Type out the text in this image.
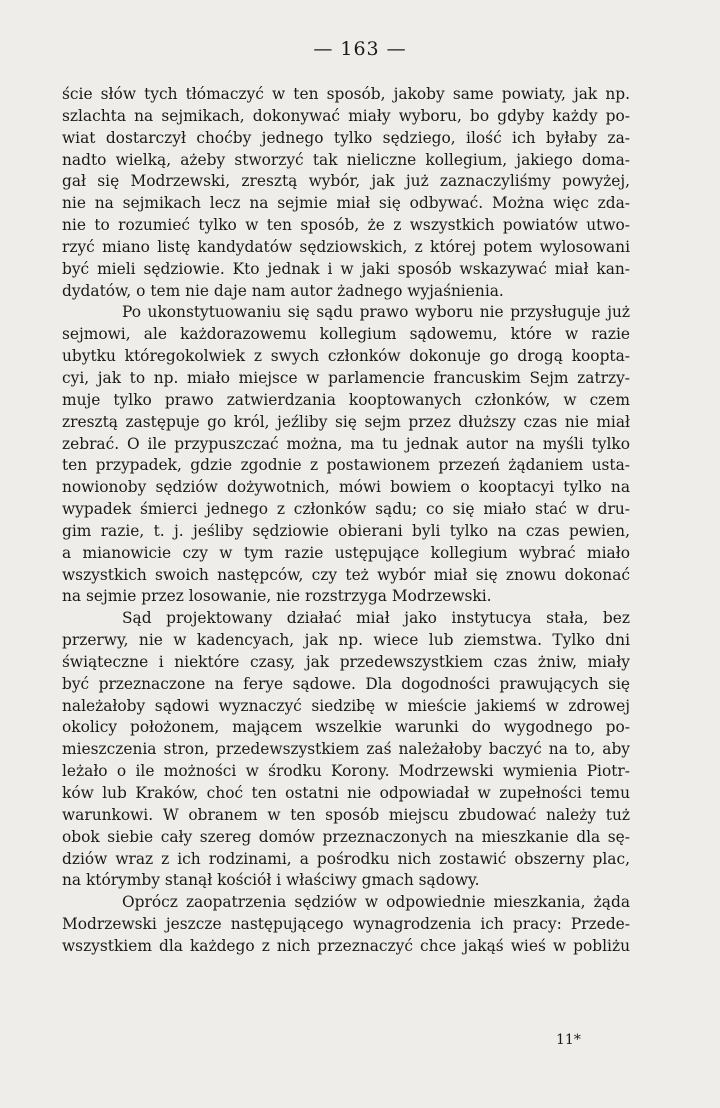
— 163 —
ście słów tych tłómaczyć w ten sposób, jakoby same powiaty, jak np.
szlachta na sejmikach, dokonywać miały wyboru, bo gdyby każdy po-
wiat dostarczył choćby jednego tylko sędziego, ilość ich byłaby za-
nadto wielką, ażeby stworzyć tak nieliczne kollegium, jakiego doma-
gał się Modrzewski, zresztą wybór, jak już zaznaczyliśmy powyżej,
nie na sejmikach lecz na sejmie miał się odbywać. Można więc zda-
nie to rozumieć tylko w ten sposób, że z wszystkich powiatów utwo-
rzyć miano listę kandydatów sędziowskich, z której potem wylosowani
być mieli sędziowie. Kto jednak i w jaki sposób wskazywać miał kan-
dydatów, o tem nie daje nam autor żadnego wyjaśnienia.
Po ukonstytuowaniu się sądu prawo wyboru nie przysługuje już
sejmowi, ale każdorazowemu kollegium sądowemu, które w razie
ubytku któregokolwiek z swych członków dokonuje go drogą koopta-
cyi, jak to np. miało miejsce w parlamencie francuskim Sejm zatrzy-
muje tylko prawo zatwierdzania kooptowanych członków, w czem
zresztą zastępuje go król, jeźliby się sejm przez dłuższy czas nie miał
zebrać. O ile przypuszczać można, ma tu jednak autor na myśli tylko
ten przypadek, gdzie zgodnie z postawionem przezeń żądaniem usta-
nowionoby sędziów dożywotnich, mówi bowiem o kooptacyi tylko na
wypadek śmierci jednego z członków sądu; co się miało stać w dru-
gim razie, t. j. jeśliby sędziowie obierani byli tylko na czas pewien,
a mianowicie czy w tym razie ustępujące kollegium wybrać miało
wszystkich swoich następców, czy też wybór miał się znowu dokonać
na sejmie przez losowanie, nie rozstrzyga Modrzewski.
Sąd projektowany działać miał jako instytucya stała, bez
przerwy, nie w kadencyach, jak np. wiece lub ziemstwa. Tylko dni
świąteczne i niektóre czasy, jak przedewszystkiem czas żniw, miały
być przeznaczone na ferye sądowe. Dla dogodności prawujących się
należałoby sądowi wyznaczyć siedzibę w mieście jakiemś w zdrowej
okolicy położonem, mającem wszelkie warunki do wygodnego po-
mieszczenia stron, przedewszystkiem zaś należałoby baczyć na to, aby
leżało o ile możności w środku Korony. Modrzewski wymienia Piotr-
ków lub Kraków, choć ten ostatni nie odpowiadał w zupełności temu
warunkowi. W obranem w ten sposób miejscu zbudować należy tuż
obok siebie cały szereg domów przeznaczonych na mieszkanie dla sę-
dziów wraz z ich rodzinami, a pośrodku nich zostawić obszerny plac,
na którymby stanął kościół i właściwy gmach sądowy.
Oprócz zaopatrzenia sędziów w odpowiednie mieszkania, żąda
Modrzewski jeszcze następującego wynagrodzenia ich pracy: Przede-
wszystkiem dla każdego z nich przeznaczyć chce jakąś wieś w pobliżu
11*
